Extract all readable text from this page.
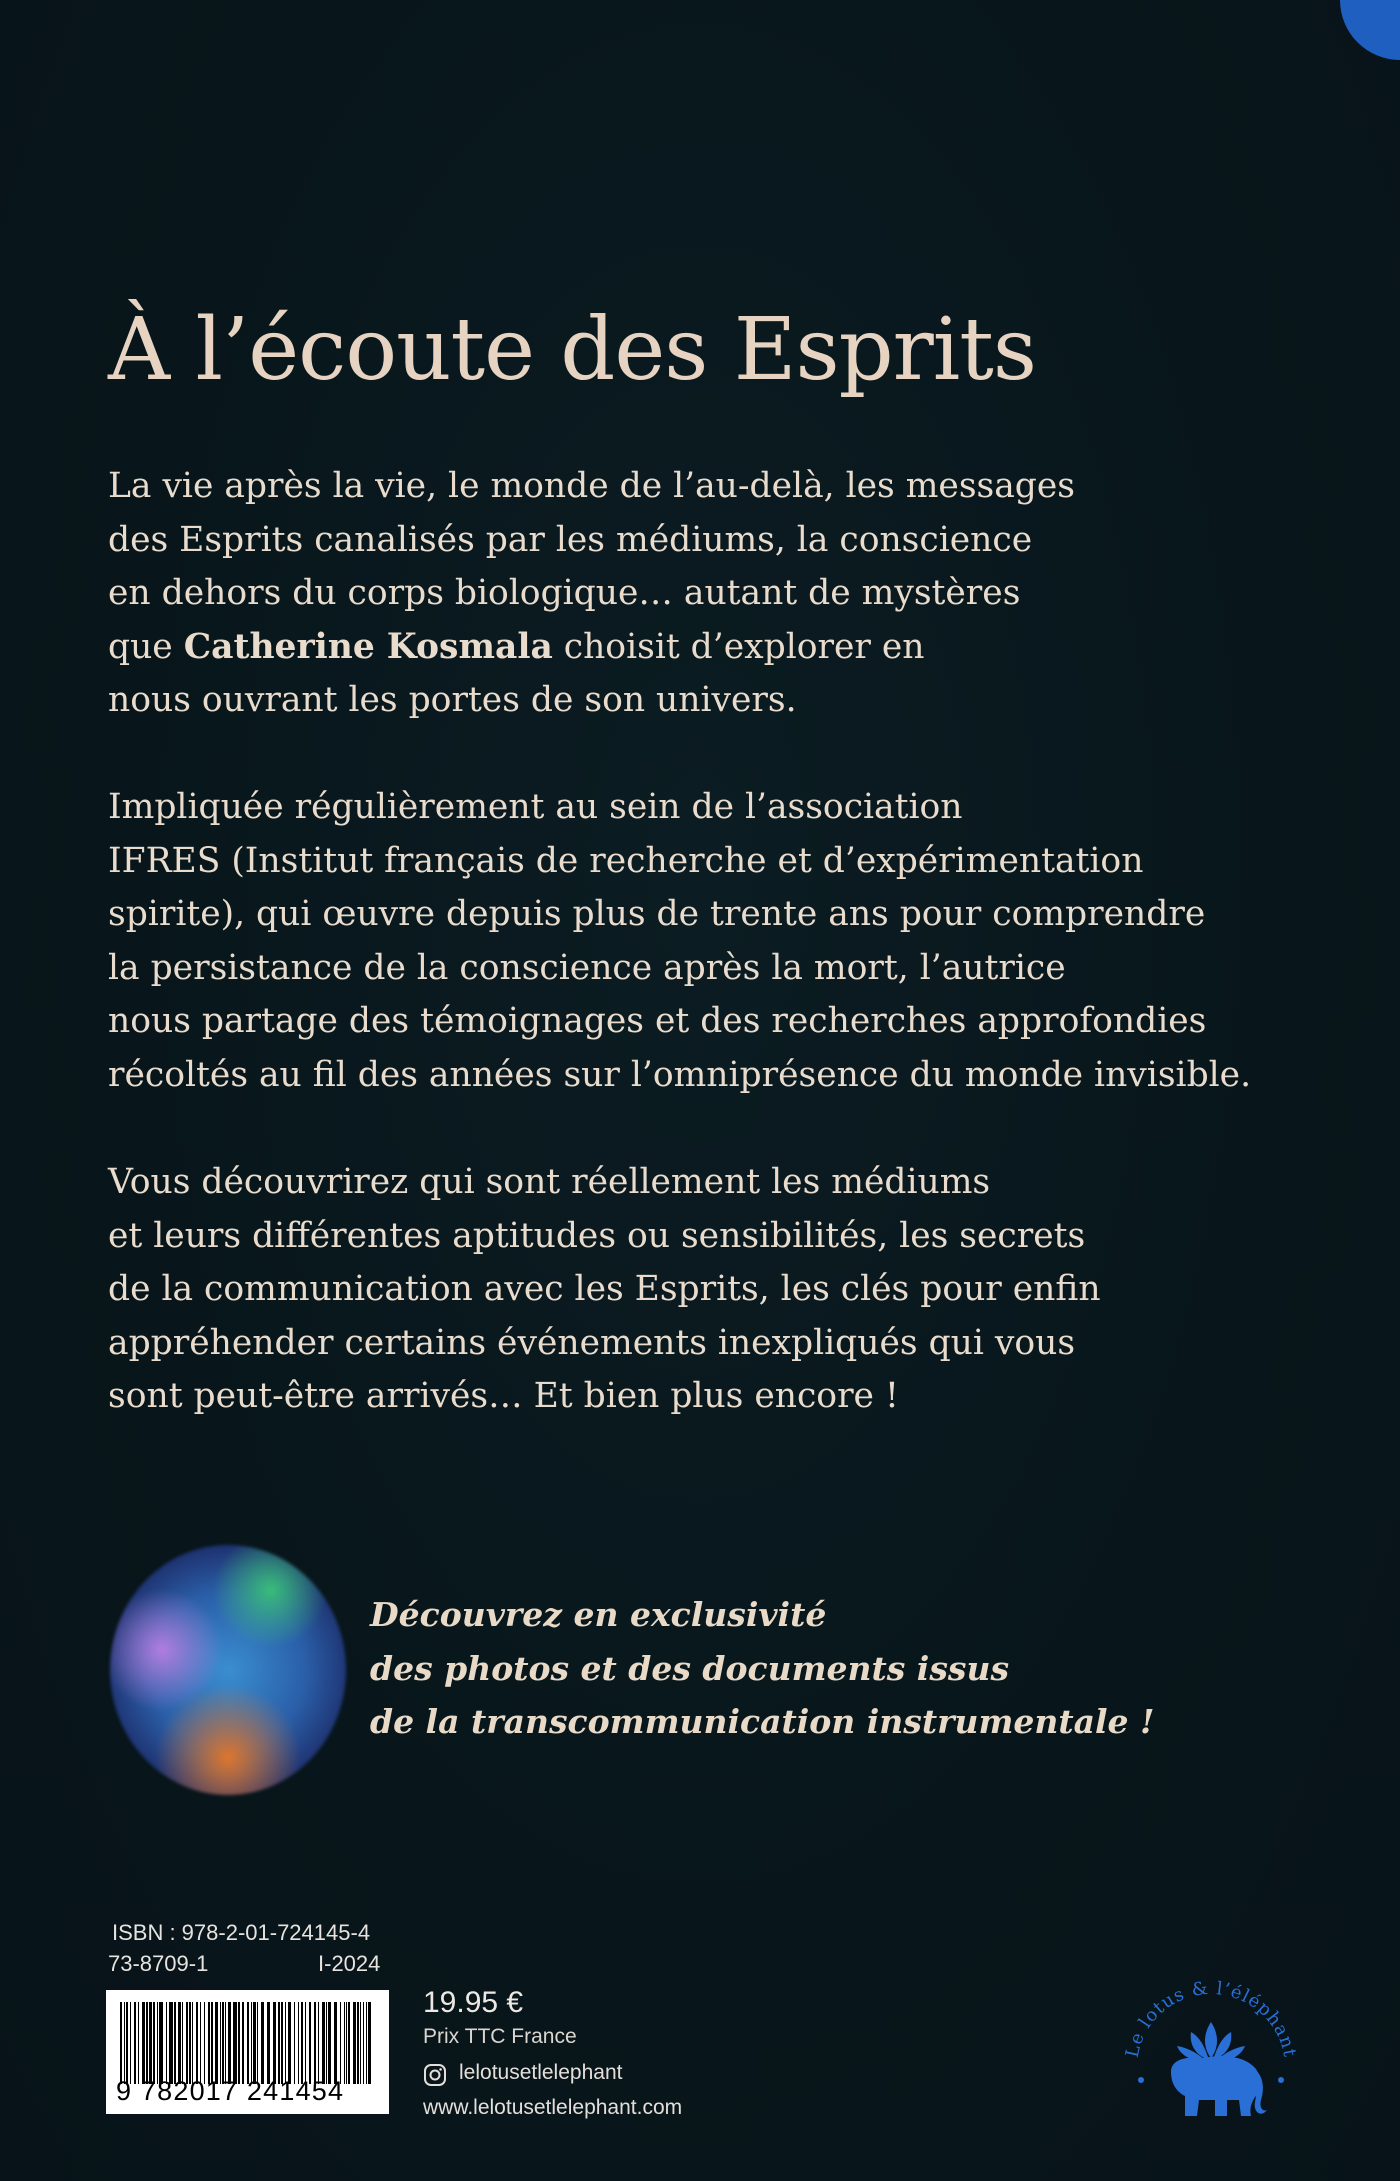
À l’écoute des Esprits

La vie après la vie, le monde de l’au-delà, les messages
des Esprits canalisés par les médiums, la conscience
en dehors du corps biologique… autant de mystères
que Catherine Kosmala choisit d’explorer en
nous ouvrant les portes de son univers.

Impliquée régulièrement au sein de l’association
IFRES (Institut français de recherche et d’expérimentation
spirite), qui œuvre depuis plus de trente ans pour comprendre
la persistance de la conscience après la mort, l’autrice
nous partage des témoignages et des recherches approfondies
récoltés au fil des années sur l’omniprésence du monde invisible.

Vous découvrirez qui sont réellement les médiums
et leurs différentes aptitudes ou sensibilités, les secrets
de la communication avec les Esprits, les clés pour enfin
appréhender certains événements inexpliqués qui vous
sont peut-être arrivés… Et bien plus encore !

Découvrez en exclusivité
des photos et des documents issus
de la transcommunication instrumentale !

ISBN : 978-2-01-724145-4
73-8709-1	I-2024
9 782017 241454
19.95 €
Prix TTC France
lelotusetlelephant
www.lelotusetlelephant.com
Le lotus & l’éléphant
